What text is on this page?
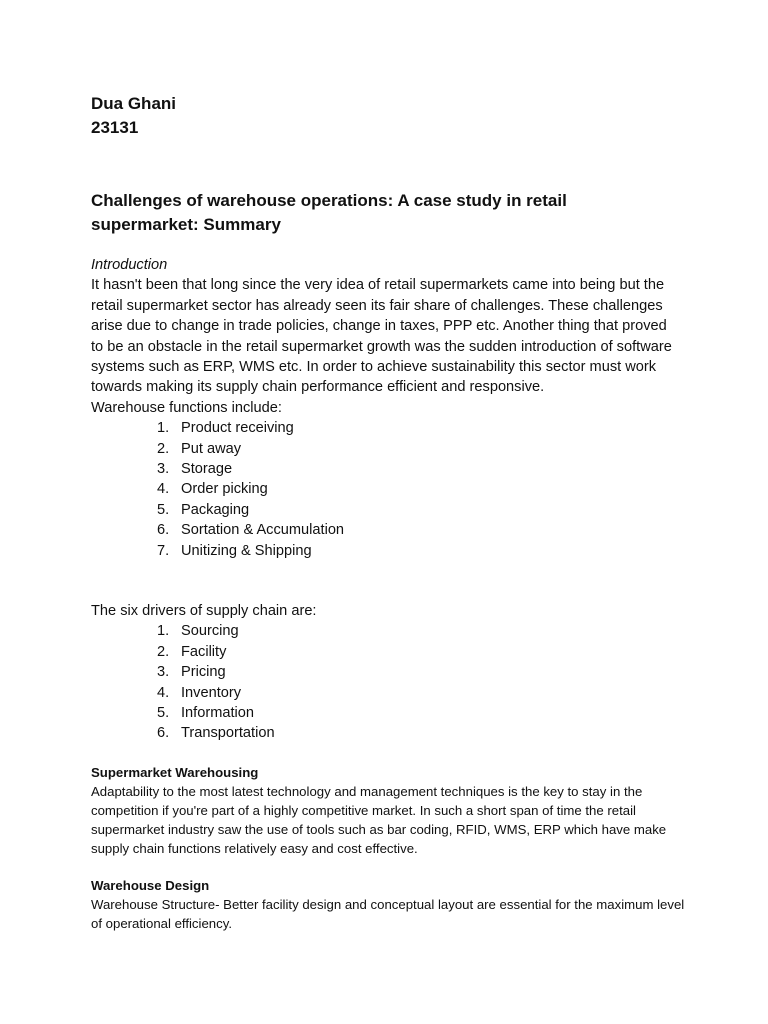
Dua Ghani

23131

Challenges of warehouse operations: A case study in retail supermarket: Summary

Introduction

It hasn't been that long since the very idea of retail supermarkets came into being but the retail supermarket sector has already seen its fair share of challenges. These challenges arise due to change in trade policies, change in taxes, PPP etc. Another thing that proved to be an obstacle in the retail supermarket growth was the sudden introduction of software systems such as ERP, WMS etc. In order to achieve sustainability this sector must work towards making its supply chain performance efficient and responsive.

Warehouse functions include:

1. Product receiving
2. Put away
3. Storage
4. Order picking
5. Packaging
6. Sortation & Accumulation
7. Unitizing & Shipping

The six drivers of supply chain are:

1. Sourcing
2. Facility
3. Pricing
4. Inventory
5. Information
6. Transportation

Supermarket Warehousing

Adaptability to the most latest technology and management techniques is the key to stay in the competition if you're part of a highly competitive market. In such a short span of time the retail supermarket industry saw the use of tools such as bar coding, RFID, WMS, ERP which have make supply chain functions relatively easy and cost effective.

Warehouse Design

Warehouse Structure- Better facility design and conceptual layout are essential for the maximum level of operational efficiency.
